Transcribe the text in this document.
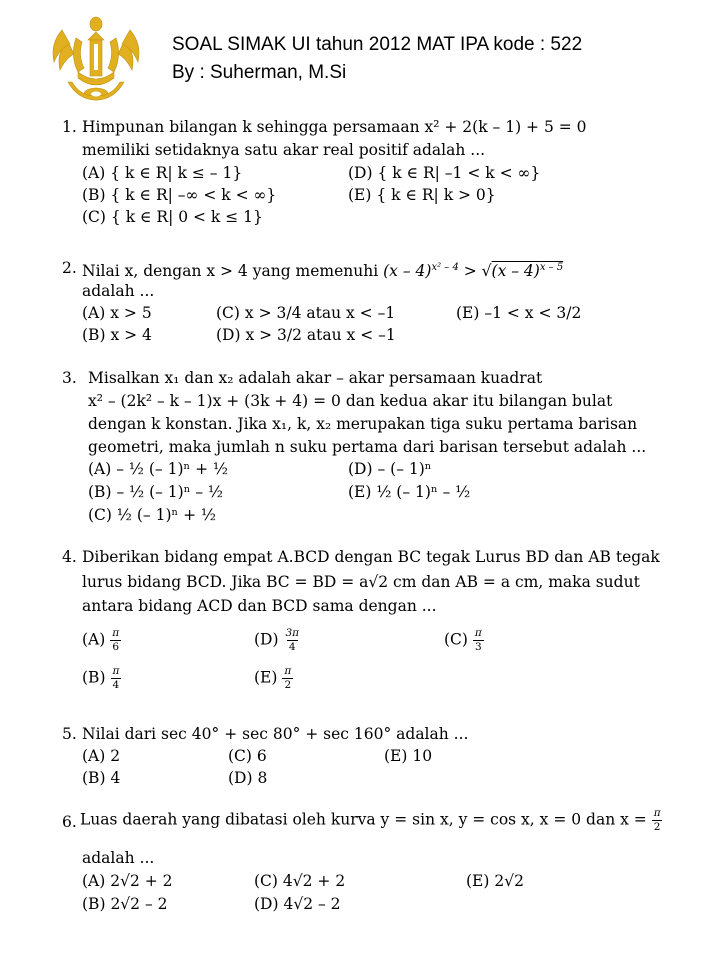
SOAL SIMAK UI tahun 2012 MAT IPA kode : 522
By : Suherman, M.Si
1. Himpunan bilangan k sehingga persamaan x² + 2(k – 1) + 5 = 0
memiliki setidaknya satu akar real positif adalah ...
(A) { k ∈ R| k ≤ – 1}	(D) { k ∈ R| –1 < k < ∞}
(B) { k ∈ R| –∞ < k < ∞}	(E) { k ∈ R| k > 0}
(C) { k ∈ R| 0 < k ≤ 1}
2. Nilai x, dengan x > 4 yang memenuhi (x – 4)$^{x^2 - 4}$ > √(x – 4)$^{x - 5}$
adalah ...
(A) x > 5	(C) x > 3/4 atau x < –1	(E) –1 < x < 3/2
(B) x > 4	(D) x > 3/2 atau x < –1
3. Misalkan x₁ dan x₂ adalah akar – akar persamaan kuadrat
x² – (2k² – k – 1)x + (3k + 4) = 0 dan kedua akar itu bilangan bulat
dengan k konstan. Jika x₁, k, x₂ merupakan tiga suku pertama barisan
geometri, maka jumlah n suku pertama dari barisan tersebut adalah ...
(A) – ½ (– 1)ⁿ + ½	(D) – (– 1)ⁿ
(B) – ½ (– 1)ⁿ – ½	(E) ½ (– 1)ⁿ – ½
(C) ½ (– 1)ⁿ + ½
4. Diberikan bidang empat A.BCD dengan BC tegak Lurus BD dan AB tegak
lurus bidang BCD. Jika BC = BD = a√2 cm dan AB = a cm, maka sudut
antara bidang ACD dan BCD sama dengan ...
$(A) \frac{\pi}{6}$	$(D) \frac{3\pi}{4}$	$(C) \frac{\pi}{3}$
$(B) \frac{\pi}{4}$	$(E) \frac{\pi}{2}$
5. Nilai dari sec 40° + sec 80° + sec 160° adalah ...
(A) 2	(C) 6	(E) 10
(B) 4	(D) 8
6. Luas daerah yang dibatasi oleh kurva y = sin x, y = cos x, x = 0 dan $x = \frac{\pi}{2}$
adalah ...
(A) 2√2 + 2	(C) 4√2 + 2	(E) 2√2
(B) 2√2 – 2	(D) 4√2 – 2
